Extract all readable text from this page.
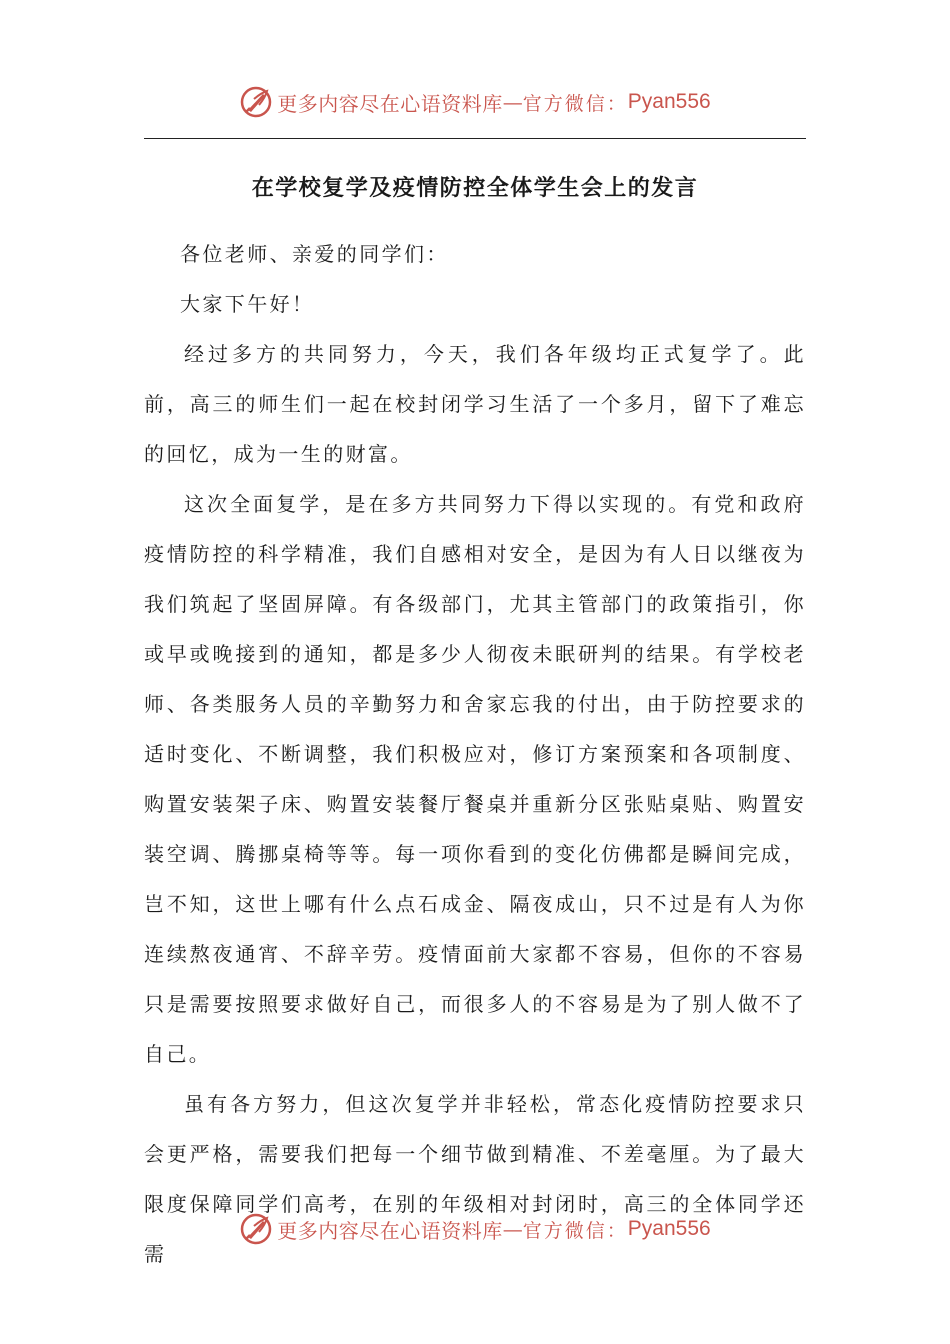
更多内容尽在心语资料库 — 官方微信： Pyan556
在学校复学及疫情防控全体学生会上的发言

各位老师、亲爱的同学们：

大家下午好！

经过多方的共同努力，今天，我们各年级均正式复学了。此前，高三的师生们一起在校封闭学习生活了一个多月，留下了难忘的回忆，成为一生的财富。

这次全面复学，是在多方共同努力下得以实现的。有党和政府疫情防控的科学精准，我们自感相对安全，是因为有人日以继夜为我们筑起了坚固屏障。有各级部门，尤其主管部门的政策指引，你或早或晚接到的通知，都是多少人彻夜未眠研判的结果。有学校老师、各类服务人员的辛勤努力和舍家忘我的付出，由于防控要求的适时变化、不断调整，我们积极应对，修订方案预案和各项制度、购置安装架子床、购置安装餐厅餐桌并重新分区张贴桌贴、购置安装空调、腾挪桌椅等等。每一项你看到的变化仿佛都是瞬间完成，岂不知，这世上哪有什么点石成金、隔夜成山，只不过是有人为你连续熬夜通宵、不辞辛劳。疫情面前大家都不容易，但你的不容易只是需要按照要求做好自己，而很多人的不容易是为了别人做不了自己。

虽有各方努力，但这次复学并非轻松，常态化疫情防控要求只会更严格，需要我们把每一个细节做到精准、不差毫厘。为了最大限度保障同学们高考，在别的年级相对封闭时，高三的全体同学还需

更多内容尽在心语资料库 — 官方微信： Pyan556
